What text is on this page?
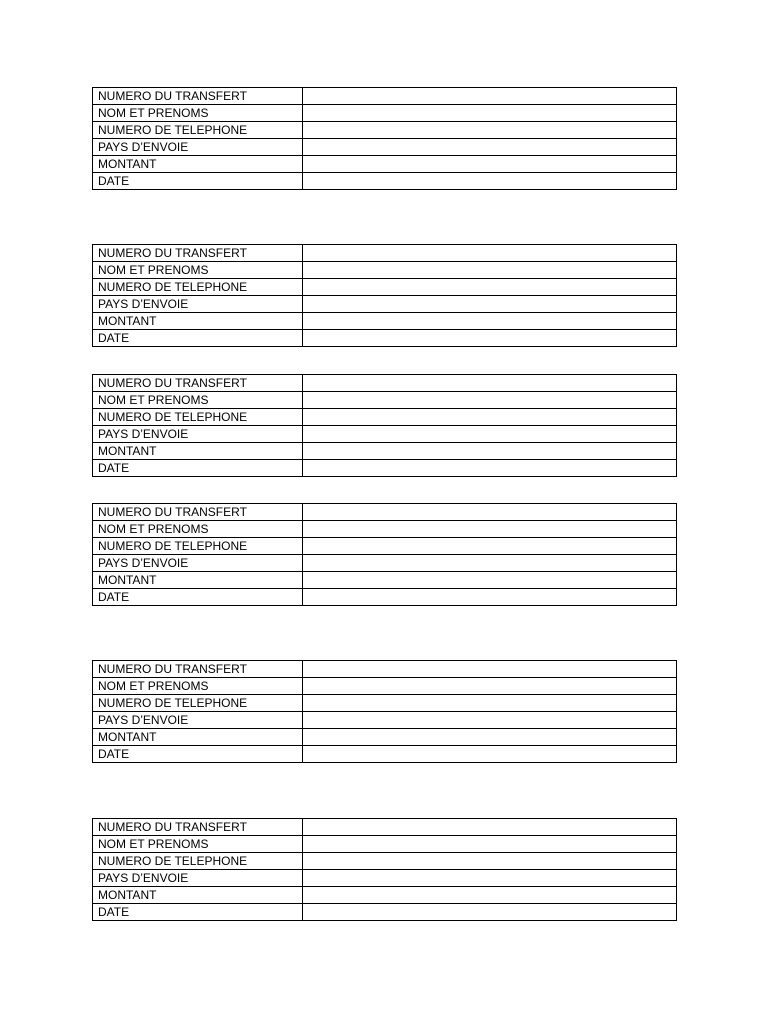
NUMERO DU TRANSFERT	
NOM ET PRENOMS	
NUMERO DE TELEPHONE	
PAYS D’ENVOIE	
MONTANT	
DATE	
NUMERO DU TRANSFERT	
NOM ET PRENOMS	
NUMERO DE TELEPHONE	
PAYS D’ENVOIE	
MONTANT	
DATE	
NUMERO DU TRANSFERT	
NOM ET PRENOMS	
NUMERO DE TELEPHONE	
PAYS D’ENVOIE	
MONTANT	
DATE	
NUMERO DU TRANSFERT	
NOM ET PRENOMS	
NUMERO DE TELEPHONE	
PAYS D’ENVOIE	
MONTANT	
DATE	
NUMERO DU TRANSFERT	
NOM ET PRENOMS	
NUMERO DE TELEPHONE	
PAYS D’ENVOIE	
MONTANT	
DATE	
NUMERO DU TRANSFERT	
NOM ET PRENOMS	
NUMERO DE TELEPHONE	
PAYS D’ENVOIE	
MONTANT	
DATE	
